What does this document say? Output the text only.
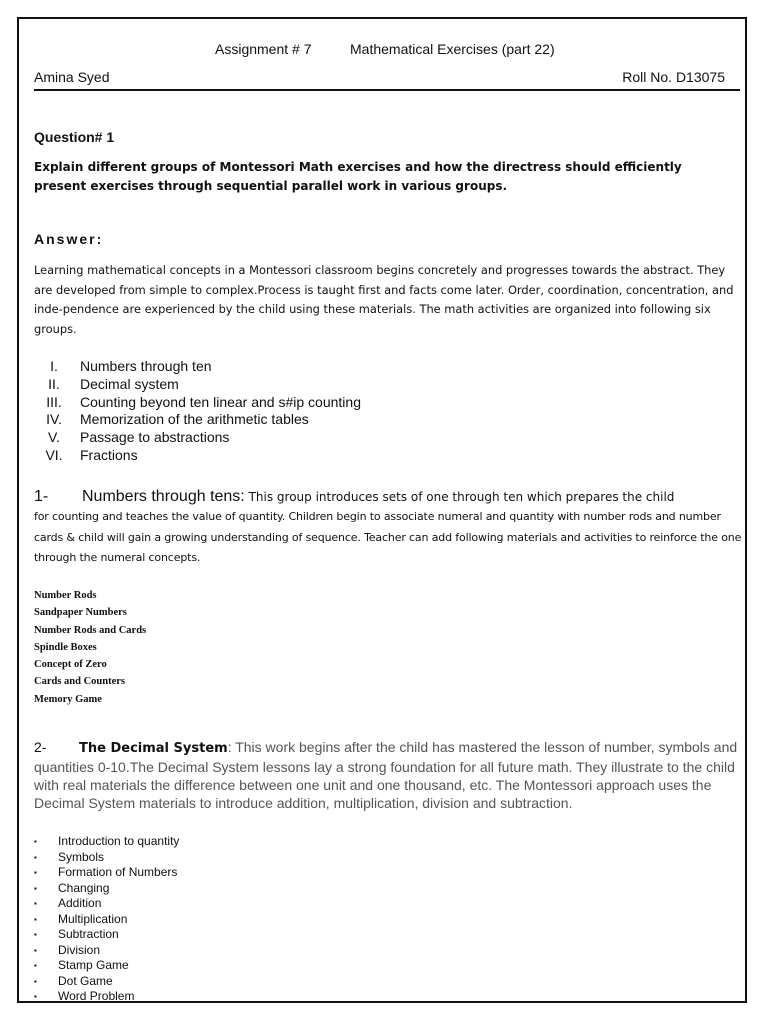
Assignment # 7	Mathematical Exercises (part 22)
Amina Syed	Roll No. D13075
Question# 1
Explain different groups of Montessori Math exercises and how the directress should efficiently present exercises through sequential parallel work in various groups.
Answer:
Learning mathematical concepts in a Montessori classroom begins concretely and progresses towards the abstract. They are developed from simple to complex.Process is taught first and facts come later. Order, coordination, concentration, and inde-pendence are experienced by the child using these materials. The math activities are organized into following six groups.
I.	Numbers through ten
II.	Decimal system
III.	Counting beyond ten linear and s#ip counting
IV.	Memorization of the arithmetic tables
V.	Passage to abstractions
VI.	Fractions
1- Numbers through tens: This group introduces sets of one through ten which prepares the child
for counting and teaches the value of quantity. Children begin to associate numeral and quantity with number rods and number cards & child will gain a growing understanding of sequence. Teacher can add following materials and activities to reinforce the one through the numeral concepts.
Number Rods
Sandpaper Numbers
Number Rods and Cards
Spindle Boxes
Concept of Zero
Cards and Counters
Memory Game
2-	The Decimal System: This work begins after the child has mastered the lesson of number, symbols and quantities 0-10.The Decimal System lessons lay a strong foundation for all future math. They illustrate to the child with real materials the difference between one unit and one thousand, etc. The Montessori approach uses the Decimal System materials to introduce addition, multiplication, division and subtraction.
▪	Introduction to quantity
▪	Symbols
▪	Formation of Numbers
▪	Changing
▪	Addition
▪	Multiplication
▪	Subtraction
▪	Division
▪	Stamp Game
▪	Dot Game
▪	Word Problem
